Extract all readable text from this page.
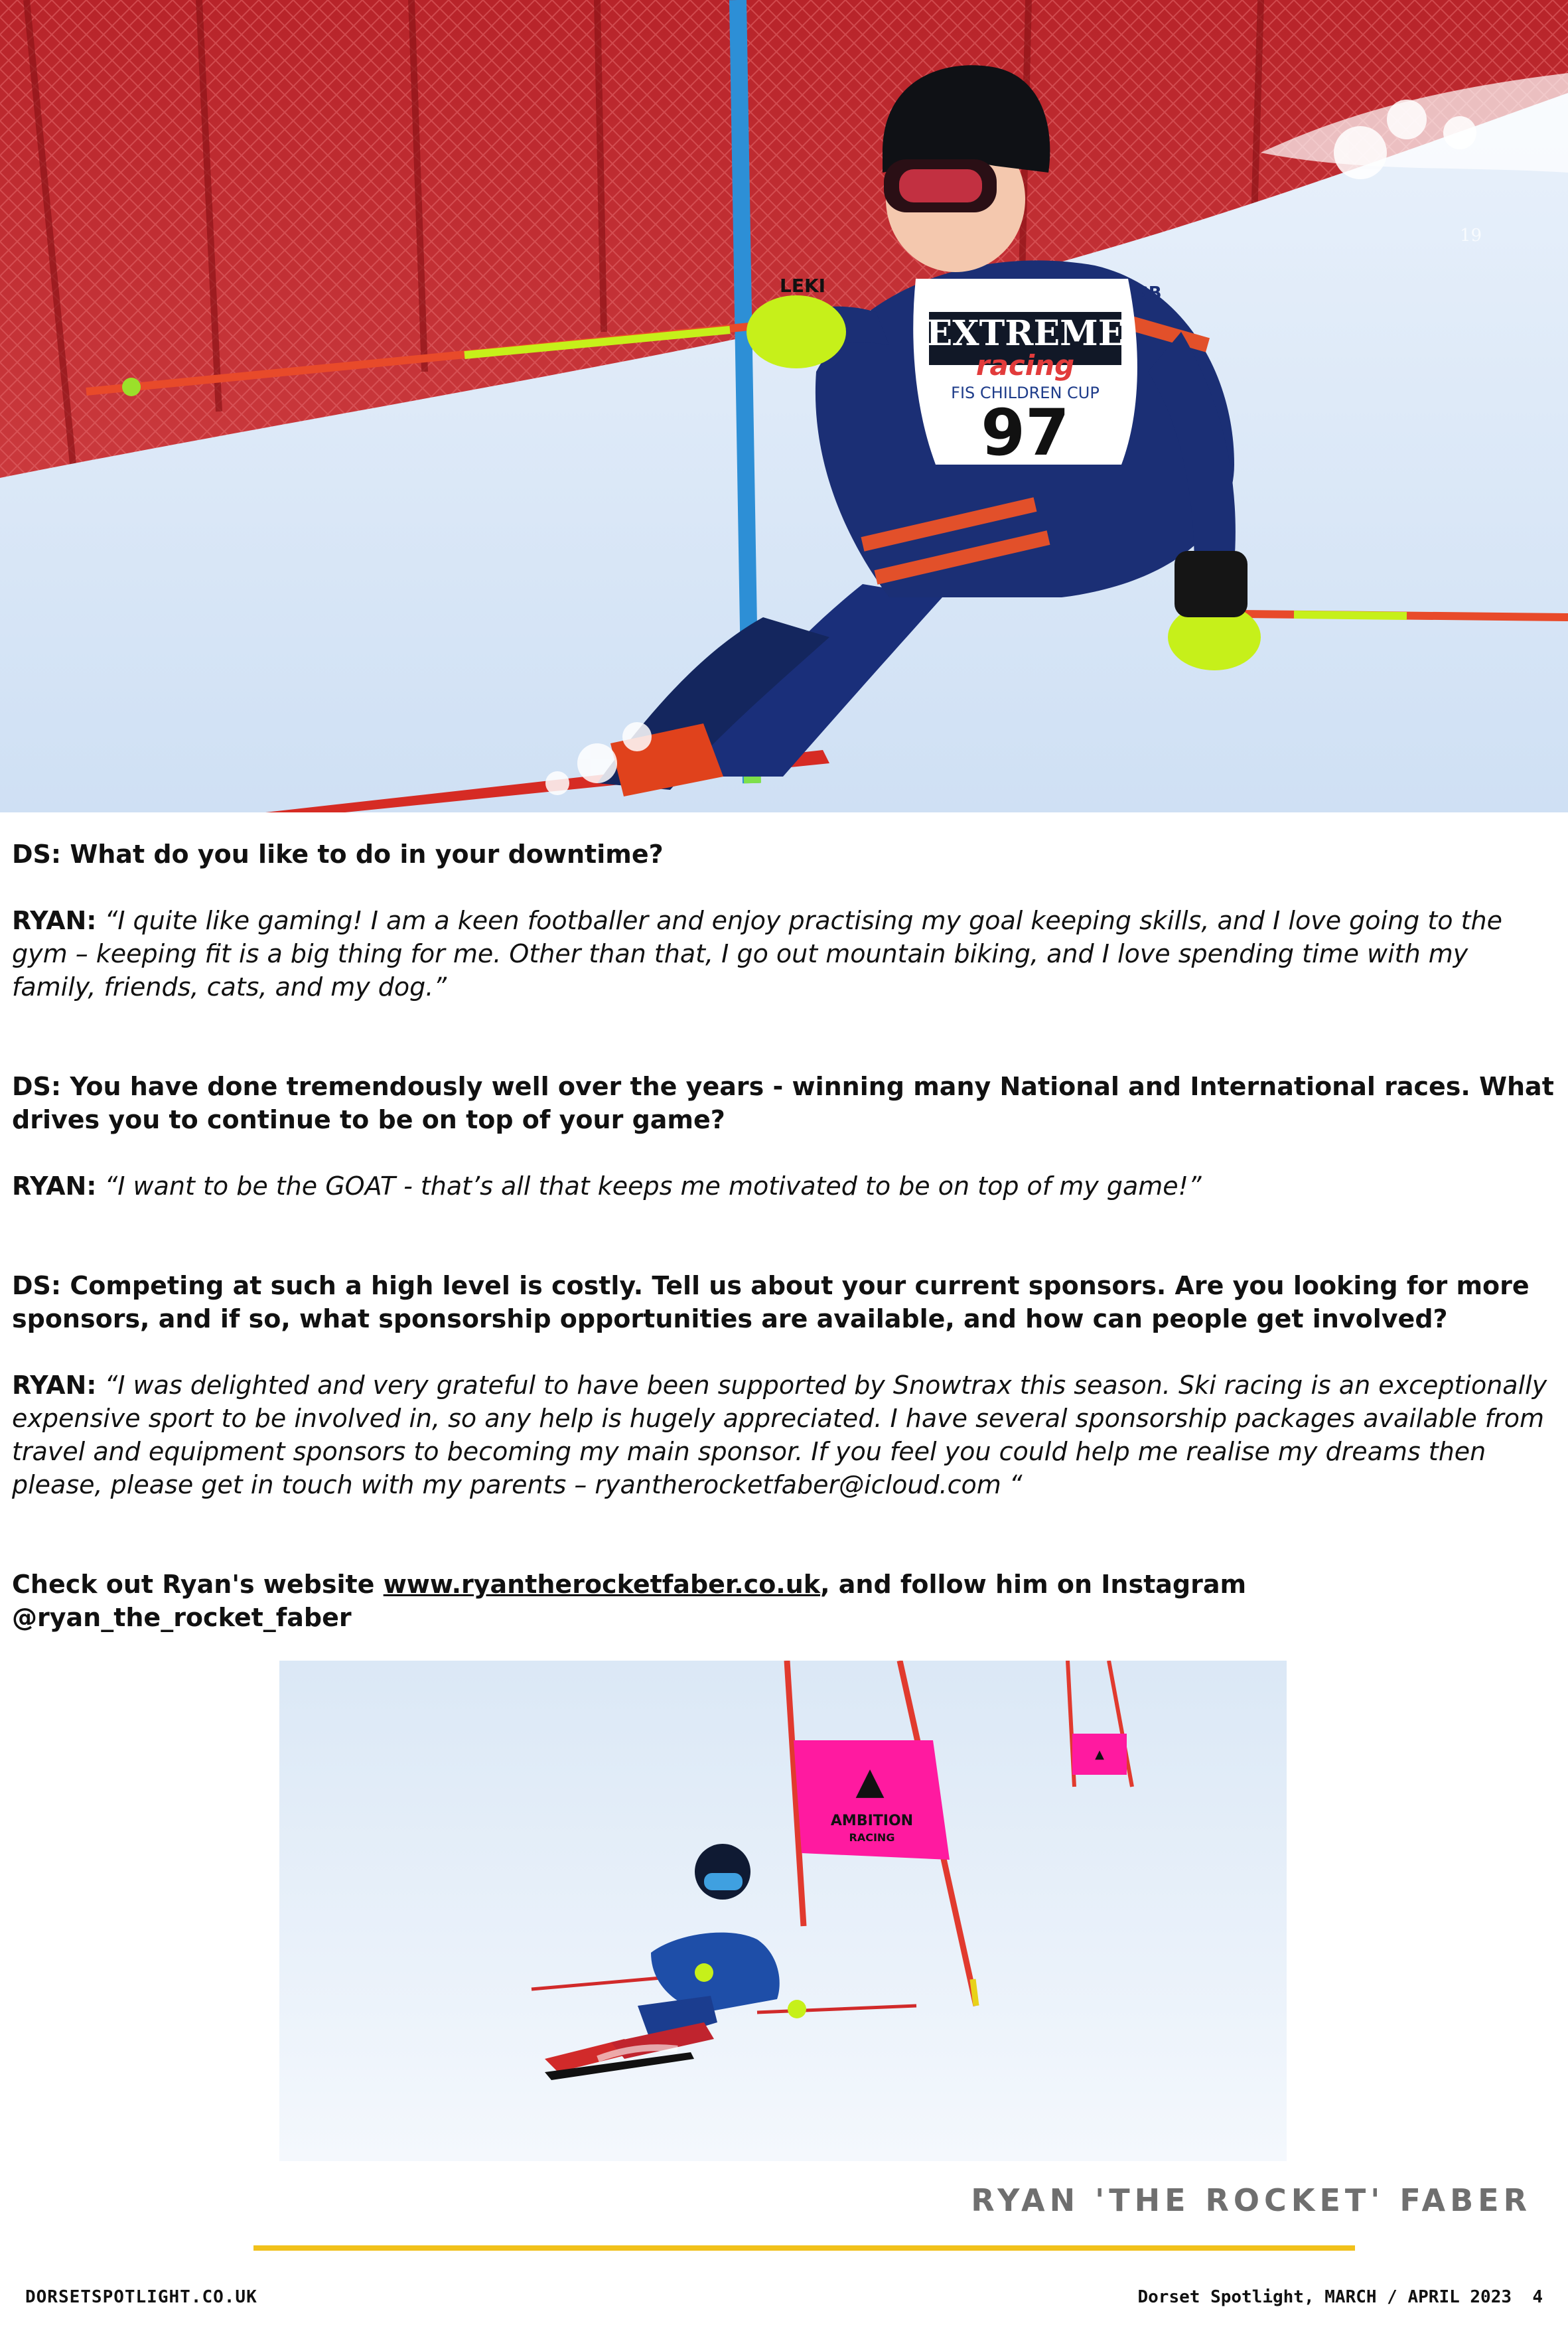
EXTREME
racing
FIS CHILDREN CUP
97
GB
LEKI
19

DS: What do you like to do in your downtime?

RYAN: “I quite like gaming! I am a keen footballer and enjoy practising my goal keeping skills, and I love going to the gym – keeping fit is a big thing for me. Other than that, I go out mountain biking, and I love spending time with my family, friends, cats, and my dog.”

DS: You have done tremendously well over the years - winning many National and International races. What drives you to continue to be on top of your game?

RYAN: “I want to be the GOAT - that’s all that keeps me motivated to be on top of my game!”

DS: Competing at such a high level is costly. Tell us about your current sponsors. Are you looking for more sponsors, and if so, what sponsorship opportunities are available, and how can people get involved?

RYAN: “I was delighted and very grateful to have been supported by Snowtrax this season. Ski racing is an exceptionally expensive sport to be involved in, so any help is hugely appreciated. I have several sponsorship packages available from travel and equipment sponsors to becoming my main sponsor. If you feel you could help me realise my dreams then please, please get in touch with my parents – ryantherocketfaber@icloud.com “

Check out Ryan's website www.ryantherocketfaber.co.uk, and follow him on Instagram @ryan_the_rocket_faber

▲
▲
AMBITION
RACING
RYAN 'THE ROCKET' FABER
DORSETSPOTLIGHT.CO.UK	Dorset Spotlight, MARCH / APRIL 2023 4
